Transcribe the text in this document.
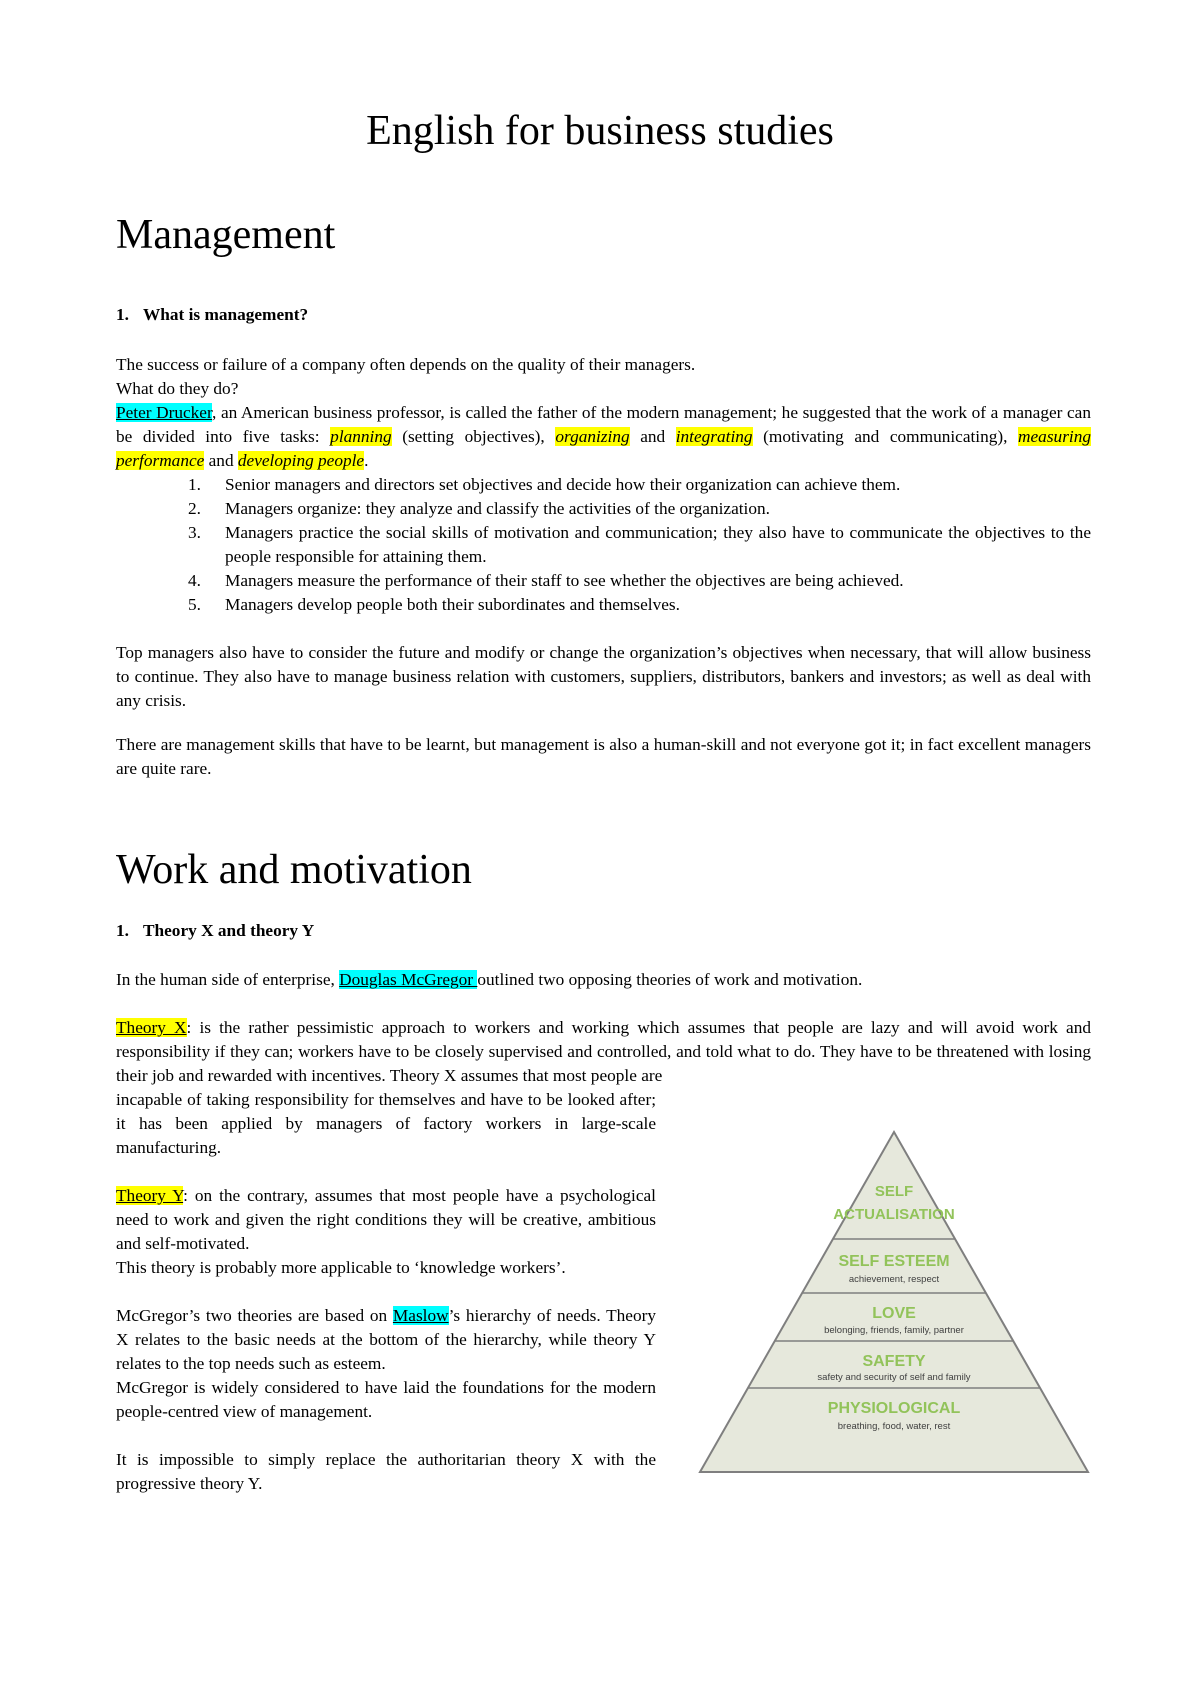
English for business studies
Management

1. What is management?

The success or failure of a company often depends on the quality of their managers.
What do they do?

Peter Drucker, an American business professor, is called the father of the modern management; he suggested that the work of a manager can be divided into five tasks: planning (setting objectives), organizing and integrating (motivating and communicating), measuring performance and developing people.

1. Senior managers and directors set objectives and decide how their organization can achieve them.
2. Managers organize: they analyze and classify the activities of the organization.
3. Managers practice the social skills of motivation and communication; they also have to communicate the objectives to the people responsible for attaining them.
4. Managers measure the performance of their staff to see whether the objectives are being achieved.
5. Managers develop people both their subordinates and themselves.

Top managers also have to consider the future and modify or change the organization’s objectives when necessary, that will allow business to continue. They also have to manage business relation with customers, suppliers, distributors, bankers and investors; as well as deal with any crisis.

There are management skills that have to be learnt, but management is also a human-skill and not everyone got it; in fact excellent managers are quite rare.

Work and motivation

1. Theory X and theory Y

In the human side of enterprise, Douglas McGregor outlined two opposing theories of work and motivation.

Theory X: is the rather pessimistic approach to workers and working which assumes that people are lazy and will avoid work and responsibility if they can; workers have to be closely supervised and controlled, and told what to do. They have to be threatened with losing their job and rewarded with incentives. Theory X assumes that most people are

incapable of taking responsibility for themselves and have to be looked after; it has been applied by managers of factory workers in large-scale manufacturing.

Theory Y: on the contrary, assumes that most people have a psychological need to work and given the right conditions they will be creative, ambitious and self-motivated.
This theory is probably more applicable to ‘knowledge workers’.

McGregor’s two theories are based on Maslow’s hierarchy of needs. Theory X relates to the basic needs at the bottom of the hierarchy, while theory Y relates to the top needs such as esteem.
McGregor is widely considered to have laid the foundations for the modern people-centred view of management.

It is impossible to simply replace the authoritarian theory X with the progressive theory Y.

SELF
ACTUALISATION
SELF ESTEEM
LOVE
SAFETY
PHYSIOLOGICAL
achievement, respect
belonging, friends, family, partner
safety and security of self and family
breathing, food, water, rest
